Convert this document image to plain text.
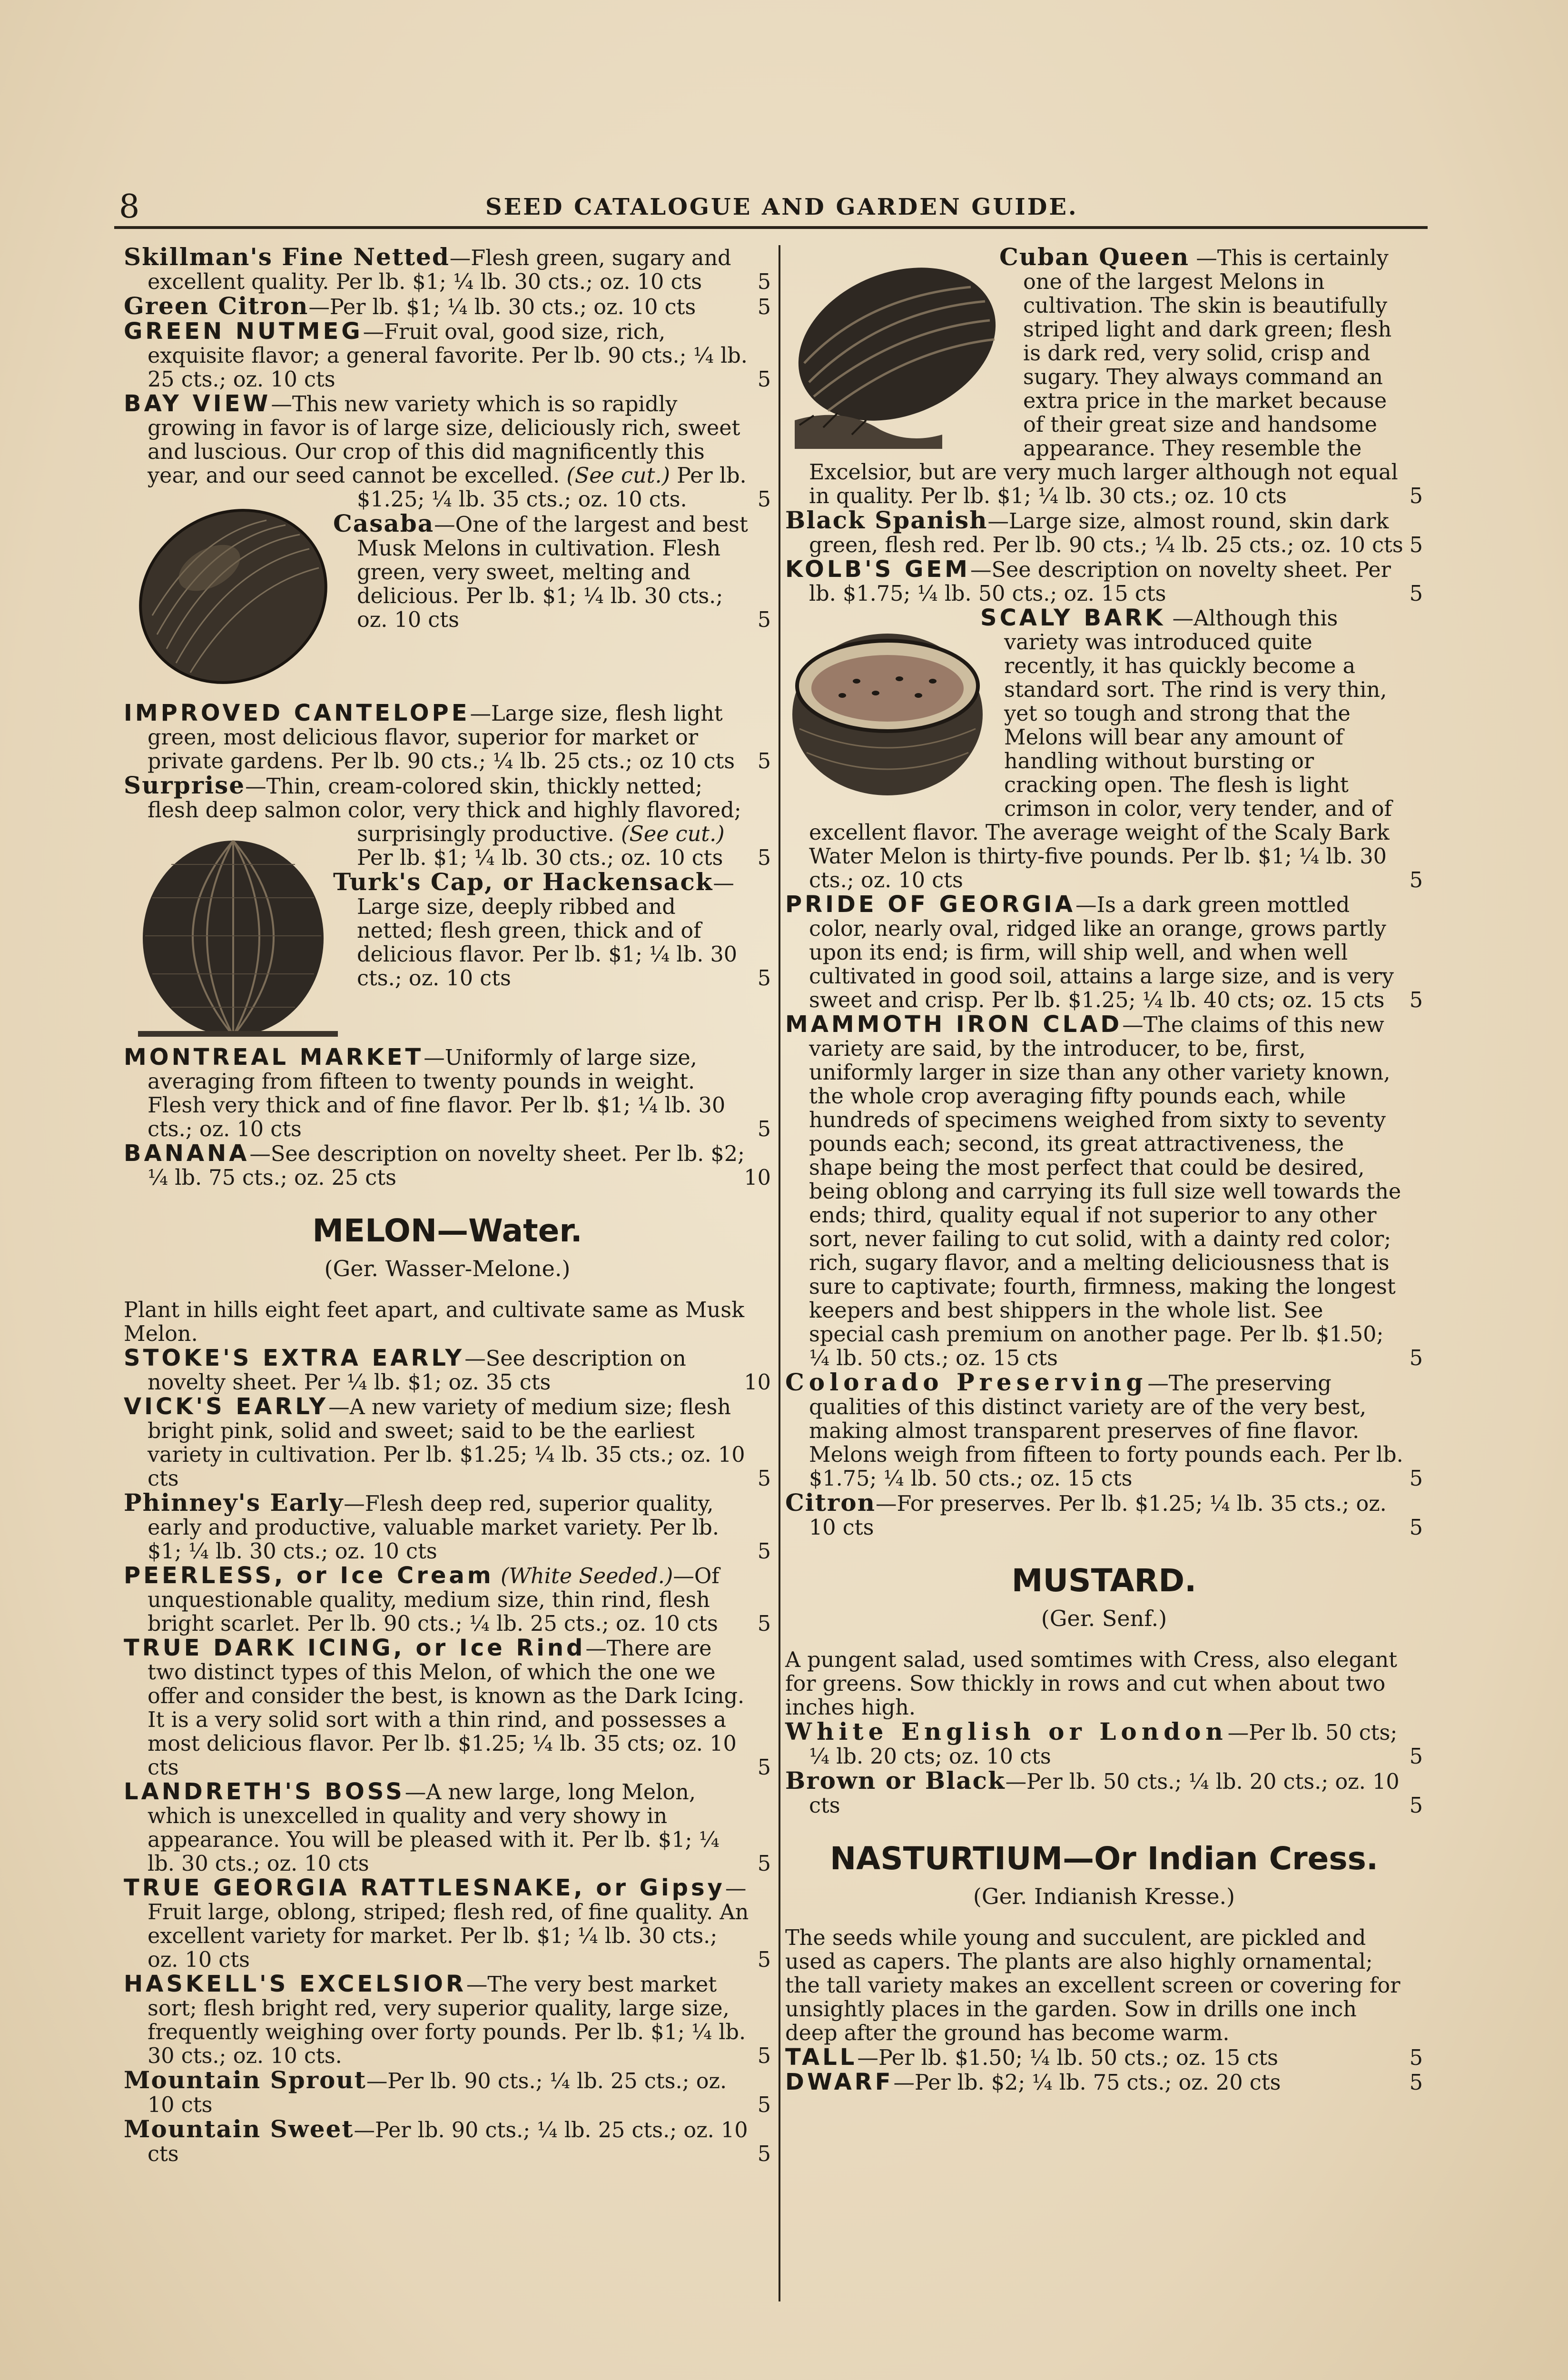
8	SEED CATALOGUE AND GARDEN GUIDE.

Skillman's Fine Netted—Flesh green, sugary and excellent quality. Per lb. $1; ¼ lb. 30 cts.; oz. 10 cts	5

Green Citron—Per lb. $1; ¼ lb. 30 cts.; oz. 10 cts	5

GREEN NUTMEG—Fruit oval, good size, rich, exquisite flavor; a general favorite. Per lb. 90 cts.; ¼ lb. 25 cts.; oz. 10 cts	5

BAY VIEW—This new variety which is so rapidly growing in favor is of large size, deliciously rich, sweet and luscious. Our crop of this did magnificently this year, and our seed cannot be excelled. (See cut.) Per lb. $1.25; ¼ lb. 35 cts.; oz. 10 cts.	5

Casaba—One of the largest and best Musk Melons in cultivation. Flesh green, very sweet, melting and delicious. Per lb. $1; ¼ lb. 30 cts.; oz. 10 cts	5

IMPROVED CANTELOPE—Large size, flesh light green, most delicious flavor, superior for market or private gardens. Per lb. 90 cts.; ¼ lb. 25 cts.; oz 10 cts 5

Surprise—Thin, cream-colored skin, thickly netted; flesh deep salmon color, very thick and highly flavored; surprisingly productive. (See cut.) Per lb. $1; ¼ lb. 30 cts.; oz. 10 cts 5

Turk's Cap, or Hackensack—Large size, deeply ribbed and netted; flesh green, thick and of delicious flavor. Per lb. $1; ¼ lb. 30 cts.; oz. 10 cts	5

MONTREAL MARKET—Uniformly of large size, averaging from fifteen to twenty pounds in weight. Flesh very thick and of fine flavor. Per lb. $1; ¼ lb. 30 cts.; oz. 10 cts	5

BANANA—See description on novelty sheet. Per lb. $2; ¼ lb. 75 cts.; oz. 25 cts	10

MELON—Water.
(Ger. Wasser-Melone.)

Plant in hills eight feet apart, and cultivate same as Musk Melon.

STOKE'S EXTRA EARLY—See description on novelty sheet. Per ¼ lb. $1; oz. 35 cts	10

VICK'S EARLY—A new variety of medium size; flesh bright pink, solid and sweet; said to be the earliest variety in cultivation. Per lb. $1.25; ¼ lb. 35 cts.; oz. 10 cts	5

Phinney's Early—Flesh deep red, superior quality, early and productive, valuable market variety. Per lb. $1; ¼ lb. 30 cts.; oz. 10 cts	5

PEERLESS, or Ice Cream (White Seeded.)—Of unquestionable quality, medium size, thin rind, flesh bright scarlet. Per lb. 90 cts.; ¼ lb. 25 cts.; oz. 10 cts 5

TRUE DARK ICING, or Ice Rind—There are two distinct types of this Melon, of which the one we offer and consider the best, is known as the Dark Icing. It is a very solid sort with a thin rind, and possesses a most delicious flavor. Per lb. $1.25; ¼ lb. 35 cts; oz. 10 cts	5

LANDRETH'S BOSS—A new large, long Melon, which is unexcelled in quality and very showy in appearance. You will be pleased with it. Per lb. $1; ¼ lb. 30 cts.; oz. 10 cts	5

TRUE GEORGIA RATTLESNAKE, or Gipsy—Fruit large, oblong, striped; flesh red, of fine quality. An excellent variety for market. Per lb. $1; ¼ lb. 30 cts.; oz. 10 cts	5

HASKELL'S EXCELSIOR—The very best market sort; flesh bright red, very superior quality, large size, frequently weighing over forty pounds. Per lb. $1; ¼ lb. 30 cts.; oz. 10 cts.	5

Mountain Sprout—Per lb. 90 cts.; ¼ lb. 25 cts.; oz. 10 cts	5

Mountain Sweet—Per lb. 90 cts.; ¼ lb. 25 cts.; oz. 10 cts	5

Cuban Queen —This is certainly one of the largest Melons in cultivation. The skin is beautifully striped light and dark green; flesh is dark red, very solid, crisp and sugary. They always command an extra price in the market because of their great size and handsome appearance. They resemble the Excelsior, but are very much larger although not equal in quality. Per lb. $1; ¼ lb. 30 cts.; oz. 10 cts	5

Black Spanish—Large size, almost round, skin dark green, flesh red. Per lb. 90 cts.; ¼ lb. 25 cts.; oz. 10 cts 5

KOLB'S GEM—See description on novelty sheet. Per lb. $1.75; ¼ lb. 50 cts.; oz. 15 cts	5

SCALY BARK —Although this variety was introduced quite recently, it has quickly become a standard sort. The rind is very thin, yet so tough and strong that the Melons will bear any amount of handling without bursting or cracking open. The flesh is light crimson in color, very tender, and of excellent flavor. The average weight of the Scaly Bark Water Melon is thirty-five pounds. Per lb. $1; ¼ lb. 30 cts.; oz. 10 cts	5

PRIDE OF GEORGIA—Is a dark green mottled color, nearly oval, ridged like an orange, grows partly upon its end; is firm, will ship well, and when well cultivated in good soil, attains a large size, and is very sweet and crisp. Per lb. $1.25; ¼ lb. 40 cts; oz. 15 cts 5

MAMMOTH IRON CLAD—The claims of this new variety are said, by the introducer, to be, first, uniformly larger in size than any other variety known, the whole crop averaging fifty pounds each, while hundreds of specimens weighed from sixty to seventy pounds each; second, its great attractiveness, the shape being the most perfect that could be desired, being oblong and carrying its full size well towards the ends; third, quality equal if not superior to any other sort, never failing to cut solid, with a dainty red color; rich, sugary flavor, and a melting deliciousness that is sure to captivate; fourth, firmness, making the longest keepers and best shippers in the whole list. See special cash premium on another page. Per lb. $1.50; ¼ lb. 50 cts.; oz. 15 cts	5

Colorado Preserving—The preserving qualities of this distinct variety are of the very best, making almost transparent preserves of fine flavor. Melons weigh from fifteen to forty pounds each. Per lb. $1.75; ¼ lb. 50 cts.; oz. 15 cts	5

Citron—For preserves. Per lb. $1.25; ¼ lb. 35 cts.; oz. 10 cts	5

MUSTARD.
(Ger. Senf.)

A pungent salad, used somtimes with Cress, also elegant for greens. Sow thickly in rows and cut when about two inches high.

White English or London—Per lb. 50 cts; ¼ lb. 20 cts; oz. 10 cts	5

Brown or Black—Per lb. 50 cts.; ¼ lb. 20 cts.; oz. 10 cts	5

NASTURTIUM—Or Indian Cress.
(Ger. Indianish Kresse.)

The seeds while young and succulent, are pickled and used as capers. The plants are also highly ornamental; the tall variety makes an excellent screen or covering for unsightly places in the garden. Sow in drills one inch deep after the ground has become warm.

TALL—Per lb. $1.50; ¼ lb. 50 cts.; oz. 15 cts	5

DWARF—Per lb. $2; ¼ lb. 75 cts.; oz. 20 cts	5
